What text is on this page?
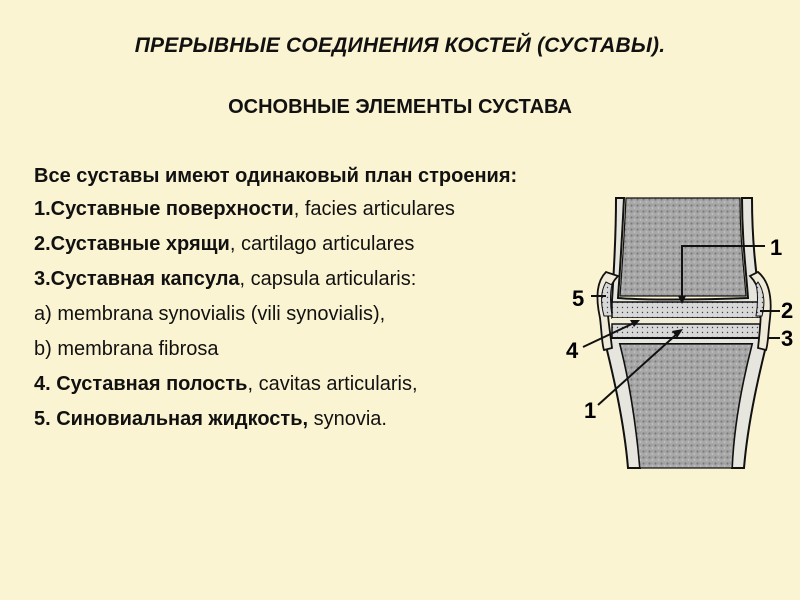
ПРЕРЫВНЫЕ СОЕДИНЕНИЯ КОСТЕЙ (СУСТАВЫ).
ОСНОВНЫЕ ЭЛЕМЕНТЫ СУСТАВА
Все суставы имеют одинаковый план строения:
1.Суставные поверхности, facies articulares
2.Суставные хрящи, cartilago articulares
3.Суставная капсула, capsula articularis:
а) membrana synovialis (vili synovialis),
b) membrana fibrosa
4. Суставная полость, cavitas articularis,
5. Синовиальная жидкость, synovia.
1
2
3
4
5
1
